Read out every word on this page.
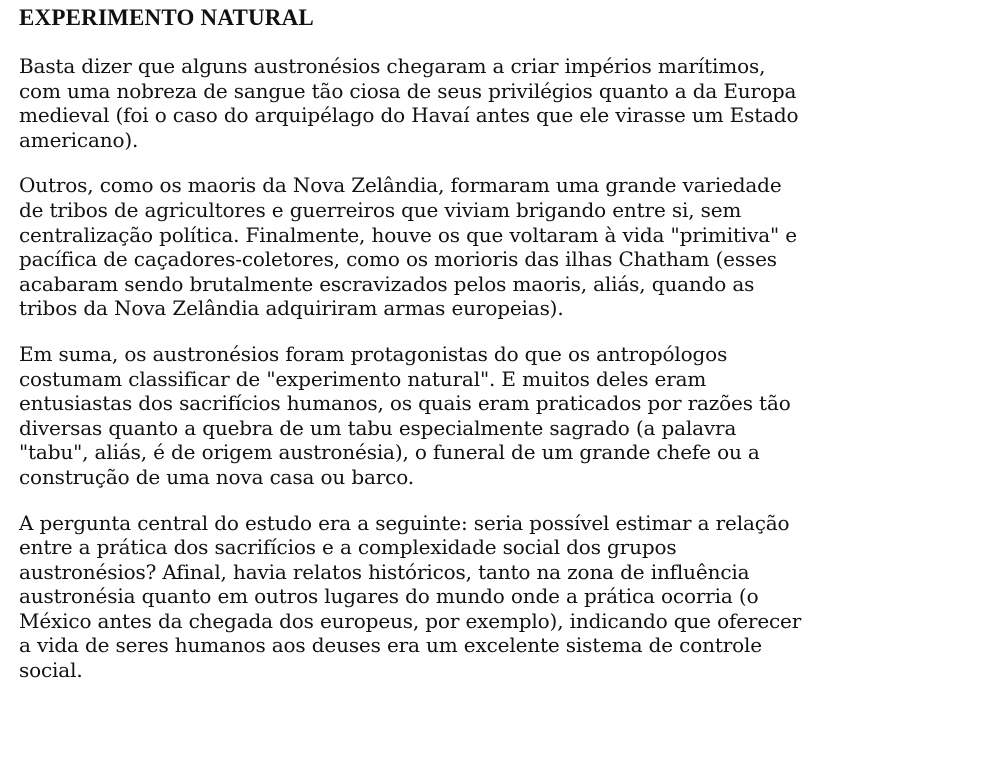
EXPERIMENTO NATURAL

Basta dizer que alguns austronésios chegaram a criar impérios marítimos,
com uma nobreza de sangue tão ciosa de seus privilégios quanto a da Europa
medieval (foi o caso do arquipélago do Havaí antes que ele virasse um Estado
americano).

Outros, como os maoris da Nova Zelândia, formaram uma grande variedade
de tribos de agricultores e guerreiros que viviam brigando entre si, sem
centralização política. Finalmente, houve os que voltaram à vida "primitiva" e
pacífica de caçadores-coletores, como os morioris das ilhas Chatham (esses
acabaram sendo brutalmente escravizados pelos maoris, aliás, quando as
tribos da Nova Zelândia adquiriram armas europeias).

Em suma, os austronésios foram protagonistas do que os antropólogos
costumam classificar de "experimento natural". E muitos deles eram
entusiastas dos sacrifícios humanos, os quais eram praticados por razões tão
diversas quanto a quebra de um tabu especialmente sagrado (a palavra
"tabu", aliás, é de origem austronésia), o funeral de um grande chefe ou a
construção de uma nova casa ou barco.

A pergunta central do estudo era a seguinte: seria possível estimar a relação
entre a prática dos sacrifícios e a complexidade social dos grupos
austronésios? Afinal, havia relatos históricos, tanto na zona de influência
austronésia quanto em outros lugares do mundo onde a prática ocorria (o
México antes da chegada dos europeus, por exemplo), indicando que oferecer
a vida de seres humanos aos deuses era um excelente sistema de controle
social.
